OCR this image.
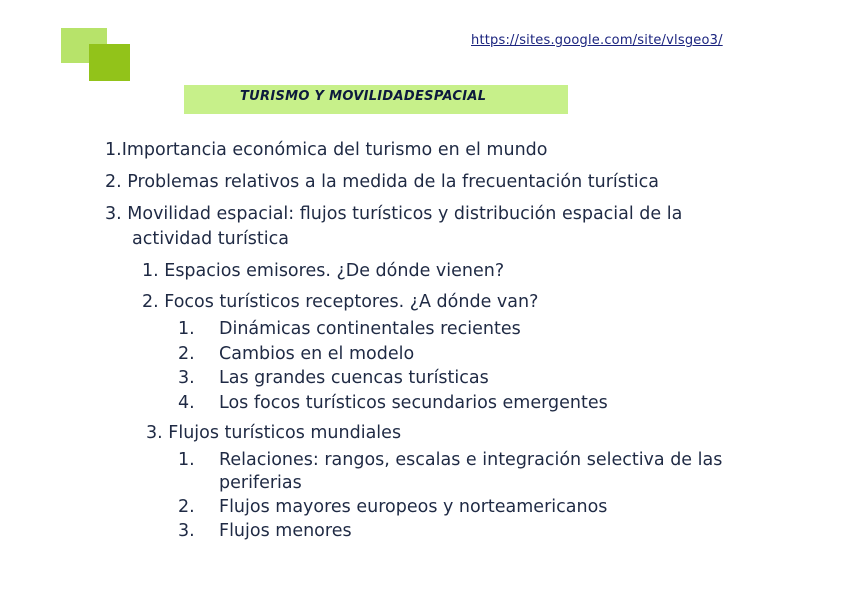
https://sites.google.com/site/vlsgeo3/
TURISMO Y MOVILIDADESPACIAL
1.Importancia económica del turismo en el mundo
2. Problemas relativos a la medida de la frecuentación turística
3. Movilidad espacial: flujos turísticos y distribución espacial de la
actividad turística
1. Espacios emisores. ¿De dónde vienen?
2. Focos turísticos receptores. ¿A dónde van?
1. Dinámicas continentales recientes
2. Cambios en el modelo
3. Las grandes cuencas turísticas
4. Los focos turísticos secundarios emergentes
3. Flujos turísticos mundiales
1. Relaciones: rangos, escalas e integración selectiva de las
periferias
2. Flujos mayores europeos y norteamericanos
3. Flujos menores
